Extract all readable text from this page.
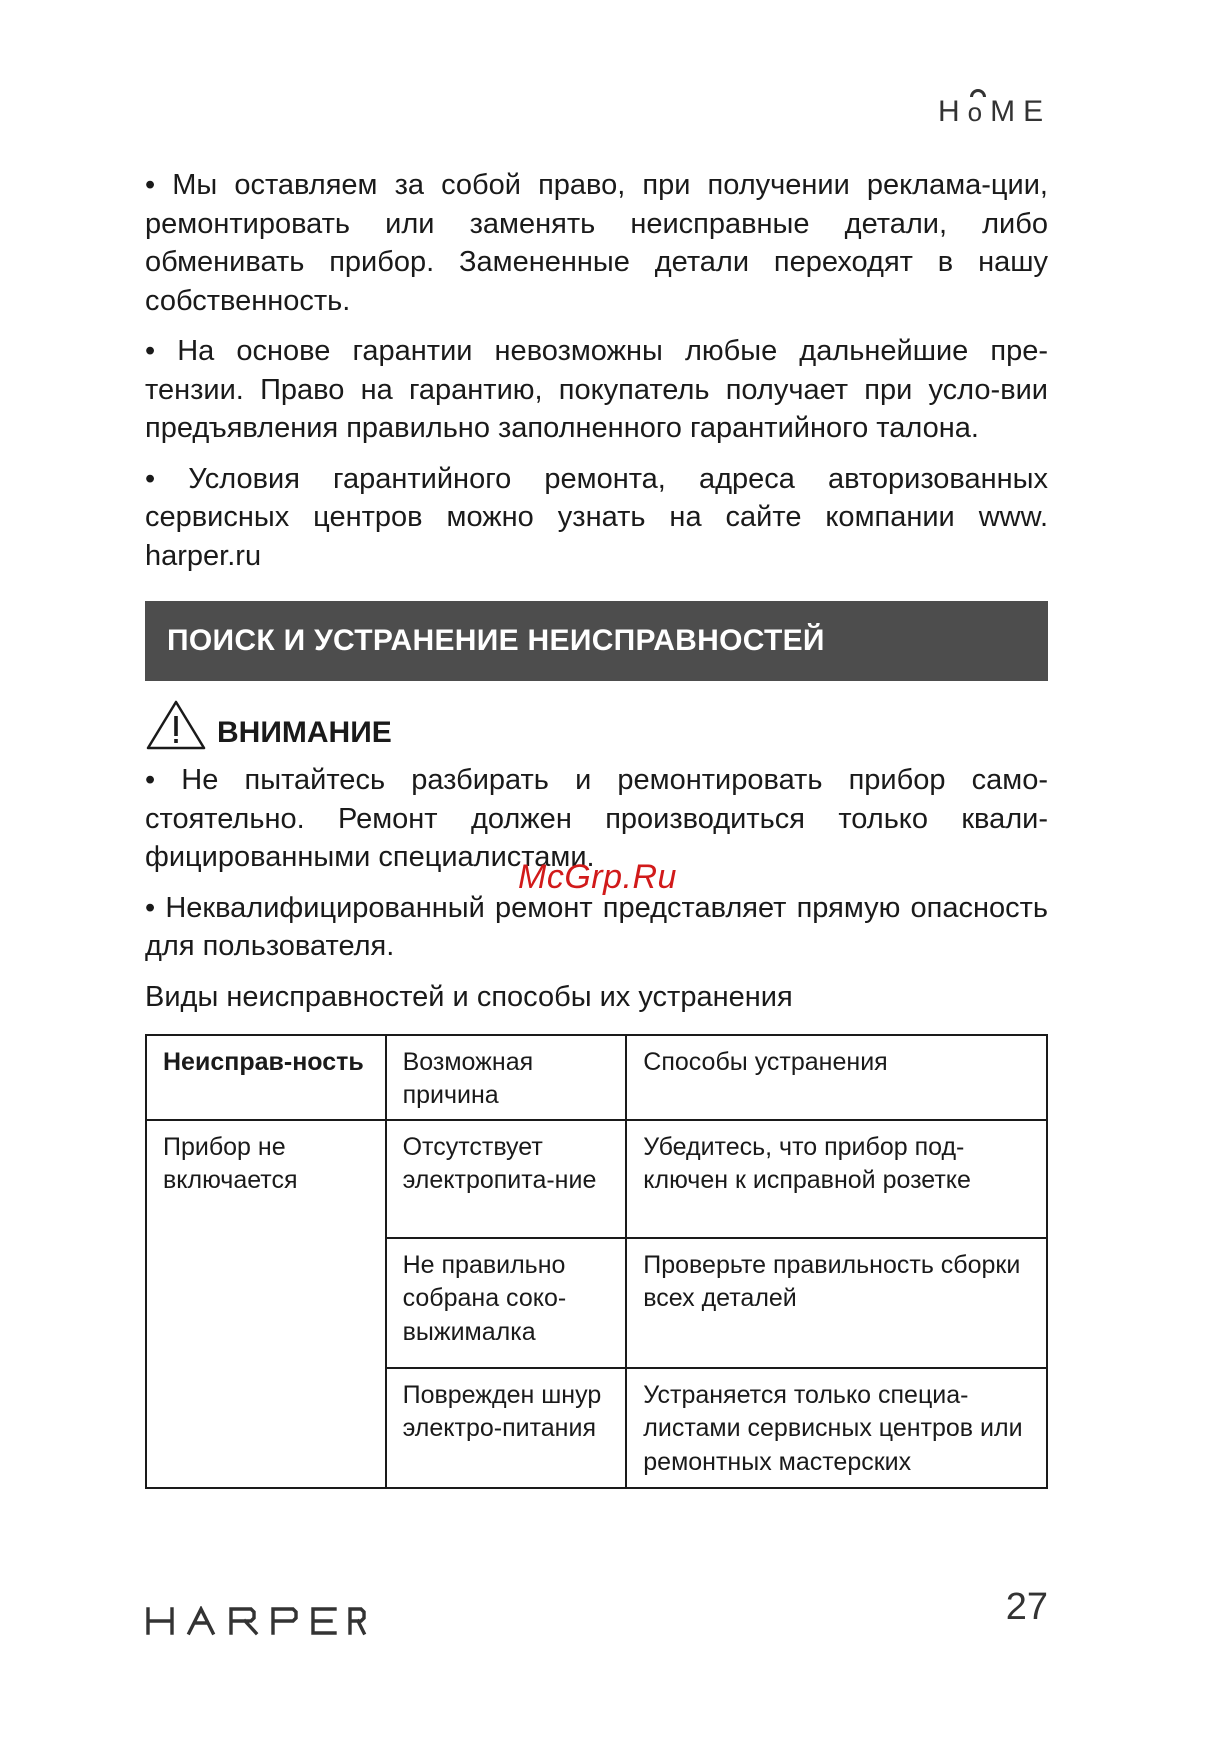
H o ME

• Мы оставляем за собой право, при получении реклама-ции, ремонтировать или заменять неисправные детали, либо обменивать прибор. Замененные детали переходят в нашу собственность.

• На основе гарантии невозможны любые дальнейшие пре-тензии. Право на гарантию, покупатель получает при усло-вии предъявления правильно заполненного гарантийного талона.

• Условия гарантийного ремонта, адреса авторизованных сервисных центров можно узнать на сайте компании www. harper.ru

ПОИСК И УСТРАНЕНИЕ НЕИСПРАВНОСТЕЙ
ВНИМАНИЕ

• Не пытайтесь разбирать и ремонтировать прибор само-стоятельно. Ремонт должен производиться только квали-фицированными специалистами.

• Неквалифицированный ремонт представляет прямую опасность для пользователя.

Виды неисправностей и способы их устранения

Неисправ-ность	Возможная причина	Способы устранения
Прибор не включается	Отсутствует электропита-ние	Убедитесь, что прибор под-ключен к исправной розетке
	Не правильно собрана соко-выжималка	Проверьте правильность сборки всех деталей
	Поврежден шнур электро-питания	Устраняется только специа-листами сервисных центров или ремонтных мастерских
McGrp.Ru
27
